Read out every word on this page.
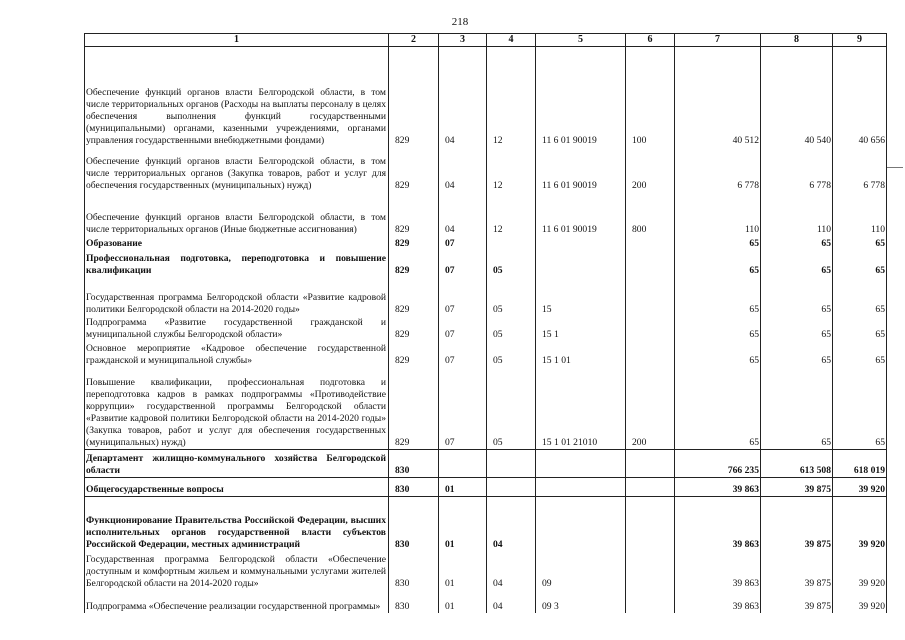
218
1	2	3	4	5	6	7	8	9
Обеспечение функций органов власти Белгородской области, в том числе территориальных органов (Расходы на выплаты персоналу в целях обеспечения выполнения функций государственными (муниципальными) органами, казенными учреждениями, органами управления государственными внебюджетными фондами)	829	04	12	11 6 01 90019	100	40 512	40 540	40 656
Обеспечение функций органов власти Белгородской области, в том числе территориальных органов (Закупка товаров, работ и услуг для обеспечения государственных (муниципальных) нужд)	829	04	12	11 6 01 90019	200	6 778	6 778	6 778
Обеспечение функций органов власти Белгородской области, в том числе территориальных органов (Иные бюджетные ассигнования)	829	04	12	11 6 01 90019	800	110	110	110
Образование	829	07				65	65	65
Профессиональная подготовка, переподготовка и повышение квалификации	829	07	05			65	65	65
Государственная программа Белгородской области «Развитие кадровой политики Белгородской области на 2014-2020 годы»	829	07	05	15		65	65	65
Подпрограмма «Развитие государственной гражданской и муниципальной службы Белгородской области»	829	07	05	15 1		65	65	65
Основное мероприятие «Кадровое обеспечение государственной гражданской и муниципальной службы»	829	07	05	15 1 01		65	65	65
Повышение квалификации, профессиональная подготовка и переподготовка кадров в рамках подпрограммы «Противодействие коррупции» государственной программы Белгородской области «Развитие кадровой политики Белгородской области на 2014-2020 годы» (Закупка товаров, работ и услуг для обеспечения государственных (муниципальных) нужд)	829	07	05	15 1 01 21010	200	65	65	65
Департамент жилищно-коммунального хозяйства Белгородской области	830					766 235	613 508	618 019
Общегосударственные вопросы	830	01				39 863	39 875	39 920
Функционирование Правительства Российской Федерации, высших исполнительных органов государственной власти субъектов Российской Федерации, местных администраций	830	01	04			39 863	39 875	39 920
Государственная программа Белгородской области «Обеспечение доступным и комфортным жильем и коммунальными услугами жителей Белгородской области на 2014-2020 годы»	830	01	04	09		39 863	39 875	39 920
Подпрограмма «Обеспечение реализации государственной программы»	830	01	04	09 3		39 863	39 875	39 920
